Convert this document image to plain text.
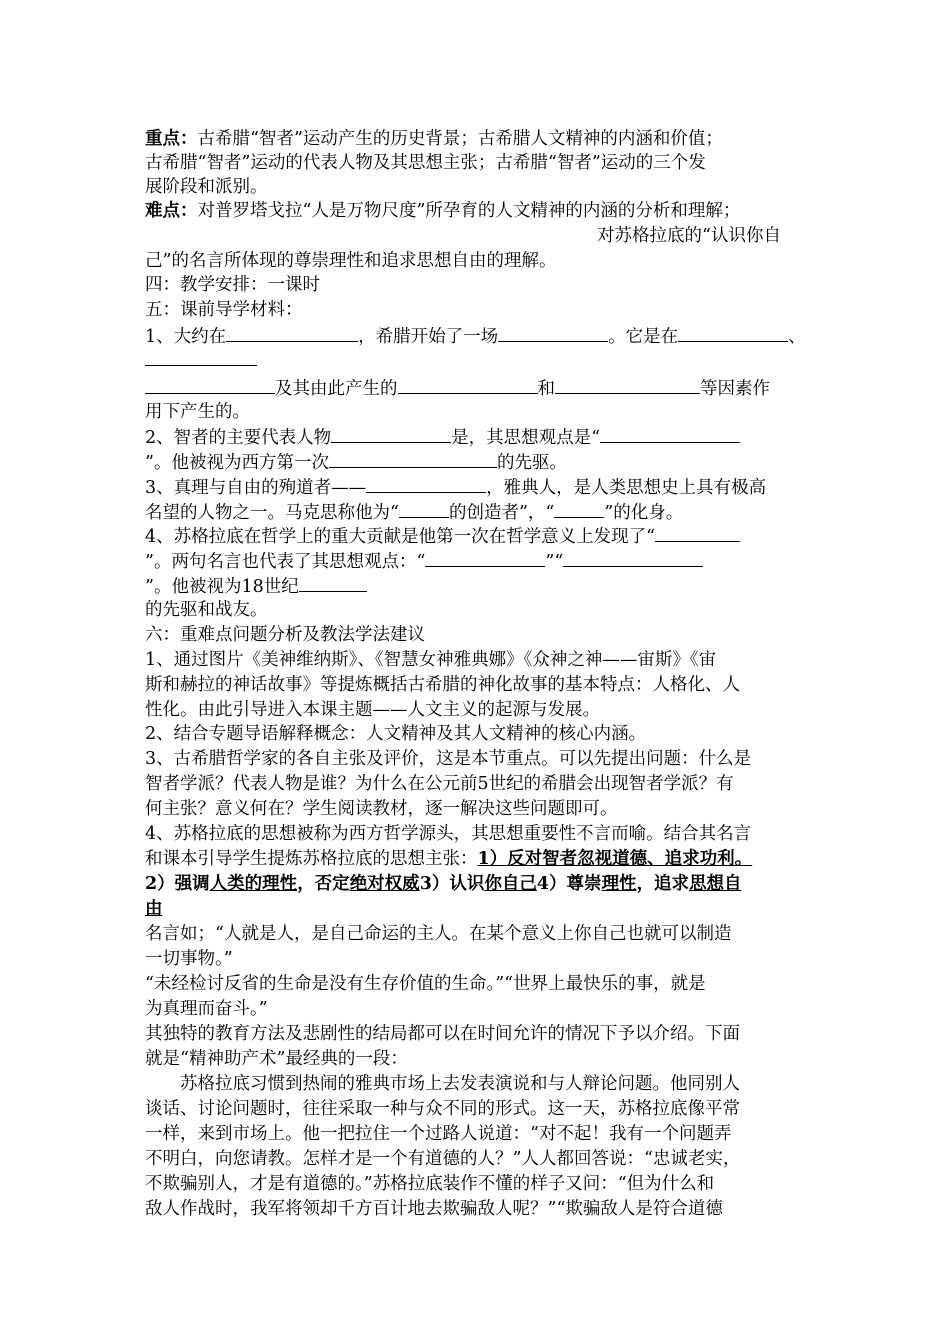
重点：古希腊“智者”运动产生的历史背景；古希腊人文精神的内涵和价值；
古希腊“智者”运动的代表人物及其思想主张；古希腊“智者”运动的三个发
展阶段和派别。
难点：对普罗塔戈拉“人是万物尺度”所孕育的人文精神的内涵的分析和理解；
对苏格拉底的“认识你自
己”的名言所体现的尊崇理性和追求思想自由的理解。
四：教学安排：一课时
五：课前导学材料：
1、大约在	，希腊开始了一场	。它是在	、
及其由此产生的	和	等因素作
用下产生的。
2、智者的主要代表人物	是，其思想观点是“
”。他被视为西方第一次	的先驱。
3、真理与自由的殉道者——	，雅典人，是人类思想史上具有极高
名望的人物之一。马克思称他为“	的创造者”，“	”的化身。
4、苏格拉底在哲学上的重大贡献是他第一次在哲学意义上发现了“
”。两句名言也代表了其思想观点：“	”“
”。他被视为18世纪
的先驱和战友。
六：重难点问题分析及教法学法建议
1、通过图片《美神维纳斯》、《智慧女神雅典娜》《众神之神——宙斯》《宙
斯和赫拉的神话故事》等提炼概括古希腊的神化故事的基本特点：人格化、人
性化。由此引导进入本课主题——人文主义的起源与发展。
2、结合专题导语解释概念：人文精神及其人文精神的核心内涵。
3、古希腊哲学家的各自主张及评价，这是本节重点。可以先提出问题：什么是
智者学派？代表人物是谁？为什么在公元前5世纪的希腊会出现智者学派？有
何主张？意义何在？学生阅读教材，逐一解决这些问题即可。
4、苏格拉底的思想被称为西方哲学源头，其思想重要性不言而喻。结合其名言
和课本引导学生提炼苏格拉底的思想主张：1）反对智者忽视道德、追求功利。
2）强调人类的理性，否定绝对权威3）认识你自己4）尊崇理性，追求思想自
由
名言如；“人就是人，是自己命运的主人。在某个意义上你自己也就可以制造
一切事物。”
“未经检讨反省的生命是没有生存价值的生命。”“世界上最快乐的事，就是
为真理而奋斗。”
其独特的教育方法及悲剧性的结局都可以在时间允许的情况下予以介绍。下面
就是“精神助产术”最经典的一段：
苏格拉底习惯到热闹的雅典市场上去发表演说和与人辩论问题。他同别人
谈话、讨论问题时，往往采取一种与众不同的形式。这一天，苏格拉底像平常
一样，来到市场上。他一把拉住一个过路人说道：“对不起！我有一个问题弄
不明白，向您请教。怎样才是一个有道德的人？”人人都回答说：“忠诚老实，
不欺骗别人，才是有道德的。”苏格拉底装作不懂的样子又问：“但为什么和
敌人作战时，我军将领却千方百计地去欺骗敌人呢？”“欺骗敌人是符合道德
